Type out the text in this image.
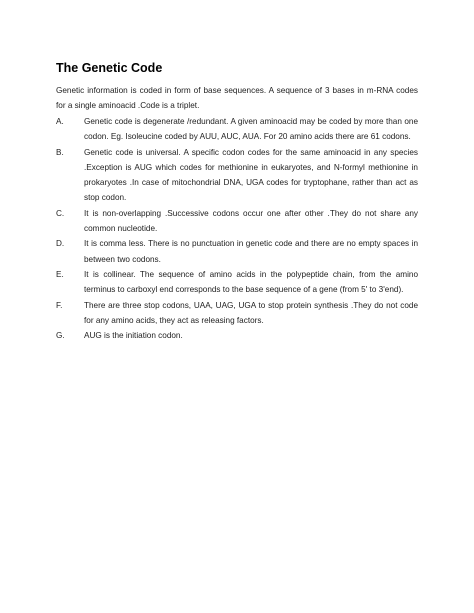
The Genetic Code
Genetic information is coded in form of base sequences. A sequence of 3 bases in m-RNA codes for a single aminoacid .Code is a triplet.
A.	Genetic code is degenerate /redundant. A given aminoacid may be coded by more than one codon. Eg. Isoleucine coded by AUU, AUC, AUA. For 20 amino acids there are 61 codons.
B.	Genetic code is universal. A specific codon codes for the same aminoacid in any species .Exception is AUG which codes for methionine in eukaryotes, and N-formyl methionine in prokaryotes .In case of mitochondrial DNA, UGA codes for tryptophane, rather than act as stop codon.
C.	It is non-overlapping .Successive codons occur one after other .They do not share any common nucleotide.
D.	It is comma less. There is no punctuation in genetic code and there are no empty spaces in between two codons.
E.	It is collinear. The sequence of amino acids in the polypeptide chain, from the amino terminus to carboxyl end corresponds to the base sequence of a gene (from 5' to 3'end).
F.	There are three stop codons, UAA, UAG, UGA to stop protein synthesis .They do not code for any amino acids, they act as releasing factors.
G.	AUG is the initiation codon.
